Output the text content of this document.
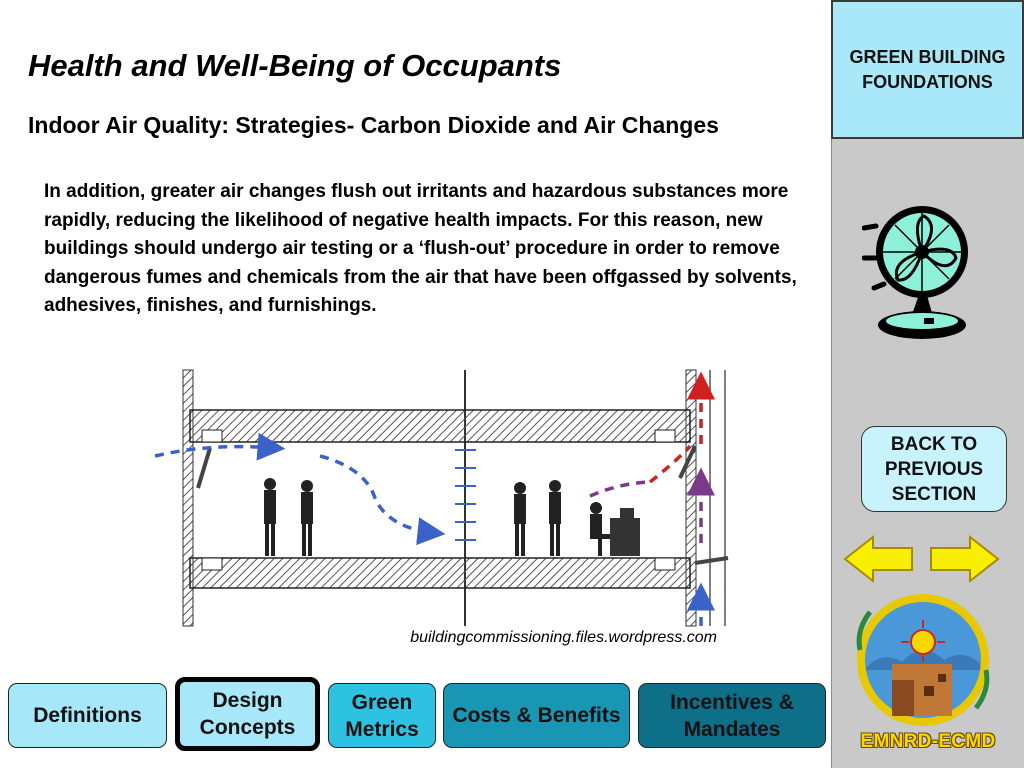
GREEN BUILDING FOUNDATIONS
BACK TO PREVIOUS SECTION
EMNRD-ECMD
Health and Well-Being of Occupants
Indoor Air Quality: Strategies- Carbon Dioxide and Air Changes
In addition, greater air changes flush out irritants and hazardous substances more rapidly, reducing the likelihood of negative health impacts. For this reason, new buildings should undergo air testing or a ‘flush-out’ procedure in order to remove dangerous fumes and chemicals from the air that have been offgassed by solvents, adhesives, finishes, and furnishings.
buildingcommissioning.files.wordpress.com
Definitions
Design Concepts
Green Metrics
Costs & Benefits
Incentives & Mandates
